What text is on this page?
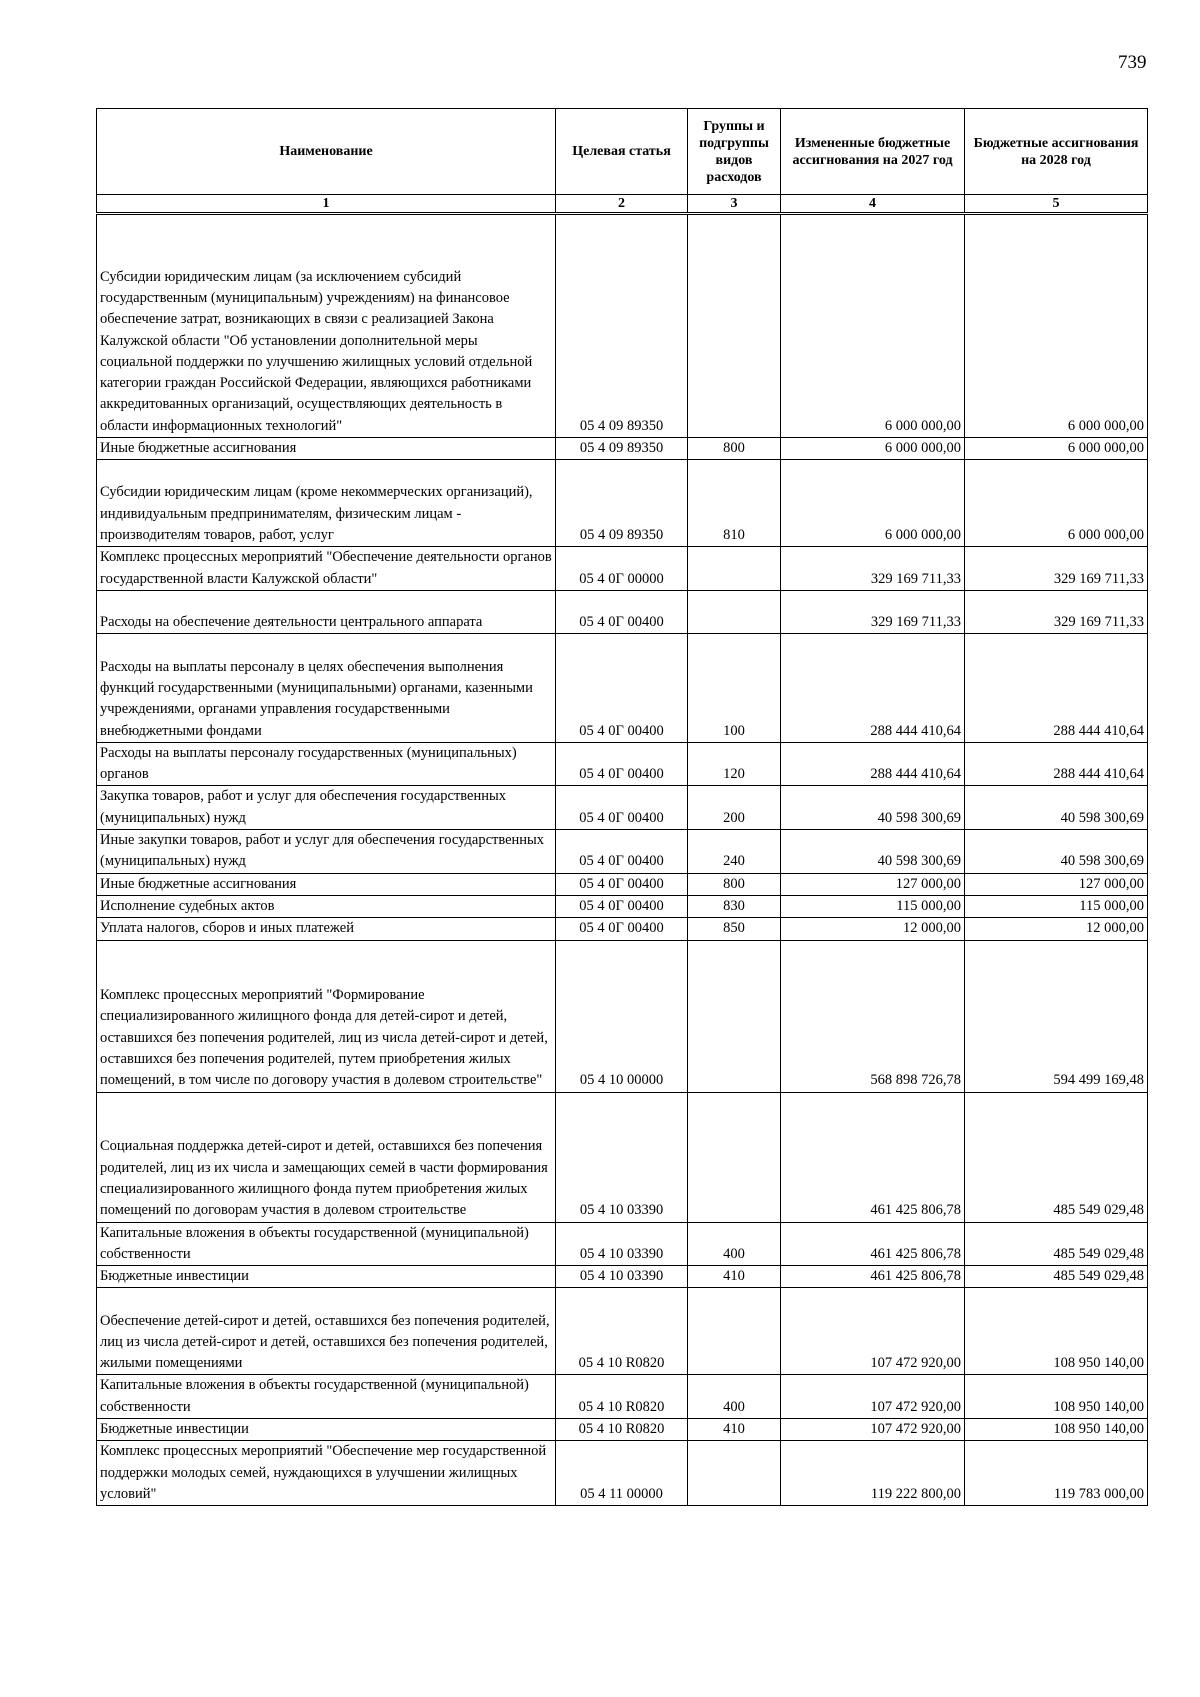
739
Наименование	Целевая статья	Группы и подгруппы видов расходов	Измененные бюджетные ассигнования на 2027 год	Бюджетные ассигнования на 2028 год
1	2	3	4	5
Субсидии юридическим лицам (за исключением субсидий государственным (муниципальным) учреждениям) на финансовое обеспечение затрат, возникающих в связи с реализацией Закона Калужской области "Об установлении дополнительной меры социальной поддержки по улучшению жилищных условий отдельной категории граждан Российской Федерации, являющихся работниками аккредитованных организаций, осуществляющих деятельность в области информационных технологий"	05 4 09 89350		6 000 000,00	6 000 000,00
Иные бюджетные ассигнования	05 4 09 89350	800	6 000 000,00	6 000 000,00
Субсидии юридическим лицам (кроме некоммерческих организаций), индивидуальным предпринимателям, физическим лицам - производителям товаров, работ, услуг	05 4 09 89350	810	6 000 000,00	6 000 000,00
Комплекс процессных мероприятий "Обеспечение деятельности органов государственной власти Калужской области"	05 4 0Г 00000		329 169 711,33	329 169 711,33
Расходы на обеспечение деятельности центрального аппарата	05 4 0Г 00400		329 169 711,33	329 169 711,33
Расходы на выплаты персоналу в целях обеспечения выполнения функций государственными (муниципальными) органами, казенными учреждениями, органами управления государственными внебюджетными фондами	05 4 0Г 00400	100	288 444 410,64	288 444 410,64
Расходы на выплаты персоналу государственных (муниципальных) органов	05 4 0Г 00400	120	288 444 410,64	288 444 410,64
Закупка товаров, работ и услуг для обеспечения государственных (муниципальных) нужд	05 4 0Г 00400	200	40 598 300,69	40 598 300,69
Иные закупки товаров, работ и услуг для обеспечения государственных (муниципальных) нужд	05 4 0Г 00400	240	40 598 300,69	40 598 300,69
Иные бюджетные ассигнования	05 4 0Г 00400	800	127 000,00	127 000,00
Исполнение судебных актов	05 4 0Г 00400	830	115 000,00	115 000,00
Уплата налогов, сборов и иных платежей	05 4 0Г 00400	850	12 000,00	12 000,00
Комплекс процессных мероприятий "Формирование специализированного жилищного фонда для детей-сирот и детей, оставшихся без попечения родителей, лиц из числа детей-сирот и детей, оставшихся без попечения родителей, путем приобретения жилых помещений, в том числе по договору участия в долевом строительстве"	05 4 10 00000		568 898 726,78	594 499 169,48
Социальная поддержка детей-сирот и детей, оставшихся без попечения родителей, лиц из их числа и замещающих семей в части формирования специализированного жилищного фонда путем приобретения жилых помещений по договорам участия в долевом строительстве	05 4 10 03390		461 425 806,78	485 549 029,48
Капитальные вложения в объекты государственной (муниципальной) собственности	05 4 10 03390	400	461 425 806,78	485 549 029,48
Бюджетные инвестиции	05 4 10 03390	410	461 425 806,78	485 549 029,48
Обеспечение детей-сирот и детей, оставшихся без попечения родителей, лиц из числа детей-сирот и детей, оставшихся без попечения родителей, жилыми помещениями	05 4 10 R0820		107 472 920,00	108 950 140,00
Капитальные вложения в объекты государственной (муниципальной) собственности	05 4 10 R0820	400	107 472 920,00	108 950 140,00
Бюджетные инвестиции	05 4 10 R0820	410	107 472 920,00	108 950 140,00
Комплекс процессных мероприятий "Обеспечение мер государственной поддержки молодых семей, нуждающихся в улучшении жилищных условий"	05 4 11 00000		119 222 800,00	119 783 000,00
